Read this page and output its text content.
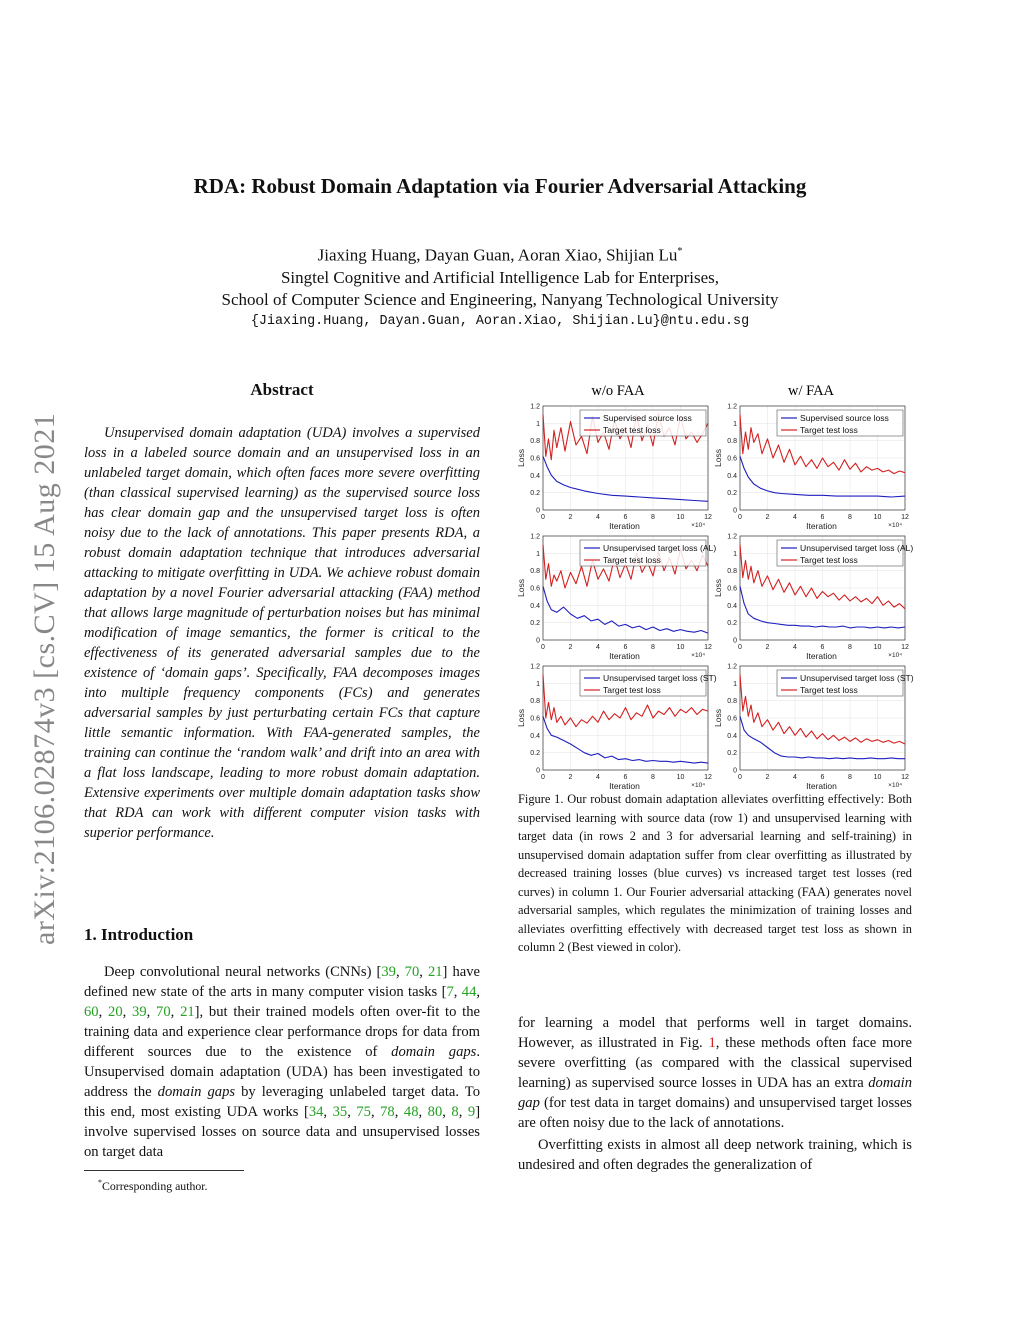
RDA: Robust Domain Adaptation via Fourier Adversarial Attacking
Jiaxing Huang, Dayan Guan, Aoran Xiao, Shijian Lu*
Singtel Cognitive and Artificial Intelligence Lab for Enterprises,
School of Computer Science and Engineering, Nanyang Technological University
{Jiaxing.Huang, Dayan.Guan, Aoran.Xiao, Shijian.Lu}@ntu.edu.sg
arXiv:2106.02874v3 [cs.CV] 15 Aug 2021
Abstract

Unsupervised domain adaptation (UDA) involves a supervised loss in a labeled source domain and an unsupervised loss in an unlabeled target domain, which often faces more severe overfitting (than classical supervised learning) as the supervised source loss has clear domain gap and the unsupervised target loss is often noisy due to the lack of annotations. This paper presents RDA, a robust domain adaptation technique that introduces adversarial attacking to mitigate overfitting in UDA. We achieve robust domain adaptation by a novel Fourier adversarial attacking (FAA) method that allows large magnitude of perturbation noises but has minimal modification of image semantics, the former is critical to the effectiveness of its generated adversarial samples due to the existence of ‘domain gaps’. Specifically, FAA decomposes images into multiple frequency components (FCs) and generates adversarial samples by just perturbating certain FCs that capture little semantic information. With FAA-generated samples, the training can continue the ‘random walk’ and drift into an area with a flat loss landscape, leading to more robust domain adaptation. Extensive experiments over multiple domain adaptation tasks show that RDA can work with different computer vision tasks with superior performance.

1. Introduction

Deep convolutional neural networks (CNNs) [39, 70, 21] have defined new state of the arts in many computer vision tasks [7, 44, 60, 20, 39, 70, 21], but their trained models often over-fit to the training data and experience clear performance drops for data from different sources due to the existence of domain gaps. Unsupervised domain adaptation (UDA) has been investigated to address the domain gaps by leveraging unlabeled target data. To this end, most existing UDA works [34, 35, 75, 78, 48, 80, 8, 9] involve supervised losses on source data and unsupervised losses on target data

*Corresponding author.
w/o FAA	w/ FAA
0
0.2
0.4
0.6
0.8
1
1.2
0	2	4	6	8	10	12
Iteration	×10⁴
Loss
Supervised source loss
Target test loss
0
0.2
0.4
0.6
0.8
1
1.2
0	2	4	6	8	10	12
Iteration	×10⁴
Loss
Supervised source loss
Target test loss
0
0.2
0.4
0.6
0.8
1
1.2
0	2	4	6	8	10	12
Iteration	×10⁴
Loss
Unsupervised target loss (AL)
Target test loss
0
0.2
0.4
0.6
0.8
1
1.2
0	2	4	6	8	10	12
Iteration	×10⁴
Loss
Unsupervised target loss (AL)
Target test loss
0
0.2
0.4
0.6
0.8
1
1.2
0	2	4	6	8	10	12
Iteration	×10⁴
Loss
Unsupervised target loss (ST)
Target test loss
0
0.2
0.4
0.6
0.8
1
1.2
0	2	4	6	8	10	12
Iteration	×10⁴
Loss
Unsupervised target loss (ST)
Target test loss
Figure 1. Our robust domain adaptation alleviates overfitting effectively: Both supervised learning with source data (row 1) and unsupervised learning with target data (in rows 2 and 3 for adversarial learning and self-training) in unsupervised domain adaptation suffer from clear overfitting as illustrated by decreased training losses (blue curves) vs increased target test losses (red curves) in column 1. Our Fourier adversarial attacking (FAA) generates novel adversarial samples, which regulates the minimization of training losses and alleviates overfitting effectively with decreased target test loss as shown in column 2 (Best viewed in color).

for learning a model that performs well in target domains. However, as illustrated in Fig. 1, these methods often face more severe overfitting (as compared with the classical supervised learning) as supervised source losses in UDA has an extra domain gap (for test data in target domains) and unsupervised target losses are often noisy due to the lack of annotations.

Overfitting exists in almost all deep network training, which is undesired and often degrades the generalization of
